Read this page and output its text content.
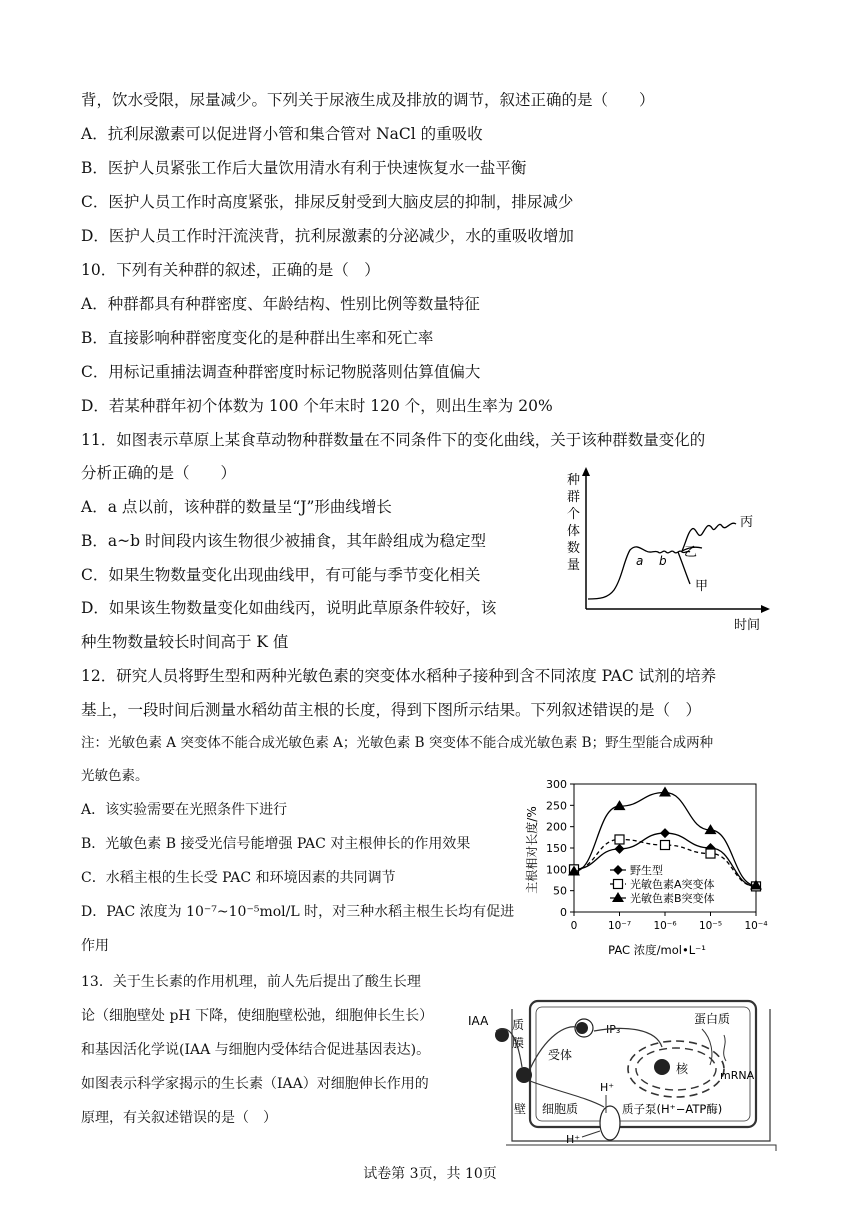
背，饮水受限，尿量减少。下列关于尿液生成及排放的调节，叙述正确的是（　　）
A．抗利尿激素可以促进肾小管和集合管对 NaCl 的重吸收
B．医护人员紧张工作后大量饮用清水有利于快速恢复水一盐平衡
C．医护人员工作时高度紧张，排尿反射受到大脑皮层的抑制，排尿减少
D．医护人员工作时汗流浃背，抗利尿激素的分泌减少，水的重吸收增加
10．下列有关种群的叙述，正确的是（　）
A．种群都具有种群密度、年龄结构、性别比例等数量特征
B．直接影响种群密度变化的是种群出生率和死亡率
C．用标记重捕法调查种群密度时标记物脱落则估算值偏大
D．若某种群年初个体数为 100 个年末时 120 个，则出生率为 20%
11．如图表示草原上某食草动物种群数量在不同条件下的变化曲线，关于该种群数量变化的
分析正确的是（　　）
A．a 点以前，该种群的数量呈“J”形曲线增长
B．a~b 时间段内该生物很少被捕食，其年龄组成为稳定型
C．如果生物数量变化出现曲线甲，有可能与季节变化相关
D．如果该生物数量变化如曲线丙，说明此草原条件较好，该
种生物数量较长时间高于 K 值
种
群
个
体
数
量
时间
a b
甲
乙
丙
12．研究人员将野生型和两种光敏色素的突变体水稻种子接种到含不同浓度 PAC 试剂的培养
基上，一段时间后测量水稻幼苗主根的长度，得到下图所示结果。下列叙述错误的是（　）
注：光敏色素 A 突变体不能合成光敏色素 A；光敏色素 B 突变体不能合成光敏色素 B；野生型能合成两种
光敏色素。
A．该实验需要在光照条件下进行
B．光敏色素 B 接受光信号能增强 PAC 对主根伸长的作用效果
C．水稻主根的生长受 PAC 和环境因素的共同调节
D．PAC 浓度为 10⁻⁷~10⁻⁵mol/L 时，对三种水稻主根生长均有促进
作用
300
250
200
150
100
50
0
0	10⁻⁷ 10⁻⁶ 10⁻⁵ 10⁻⁴
野生型
光敏色素A突变体
光敏色素B突变体
PAC 浓度/mol•L⁻¹
主根相对长度/%
13．关于生长素的作用机理，前人先后提出了酸生长理
论（细胞壁处 pH 下降，使细胞壁松弛，细胞伸长生长）
和基因活化学说(IAA 与细胞内受体结合促进基因表达)。
如图表示科学家揭示的生长素（IAA）对细胞伸长作用的
原理，有关叙述错误的是（　）
IAA 质
膜
受体
IP₃
核
蛋白质
mRNA
壁 细胞质
H⁺
质子泵(H⁺−ATP酶)
H⁺
试卷第 3页，共 10页
